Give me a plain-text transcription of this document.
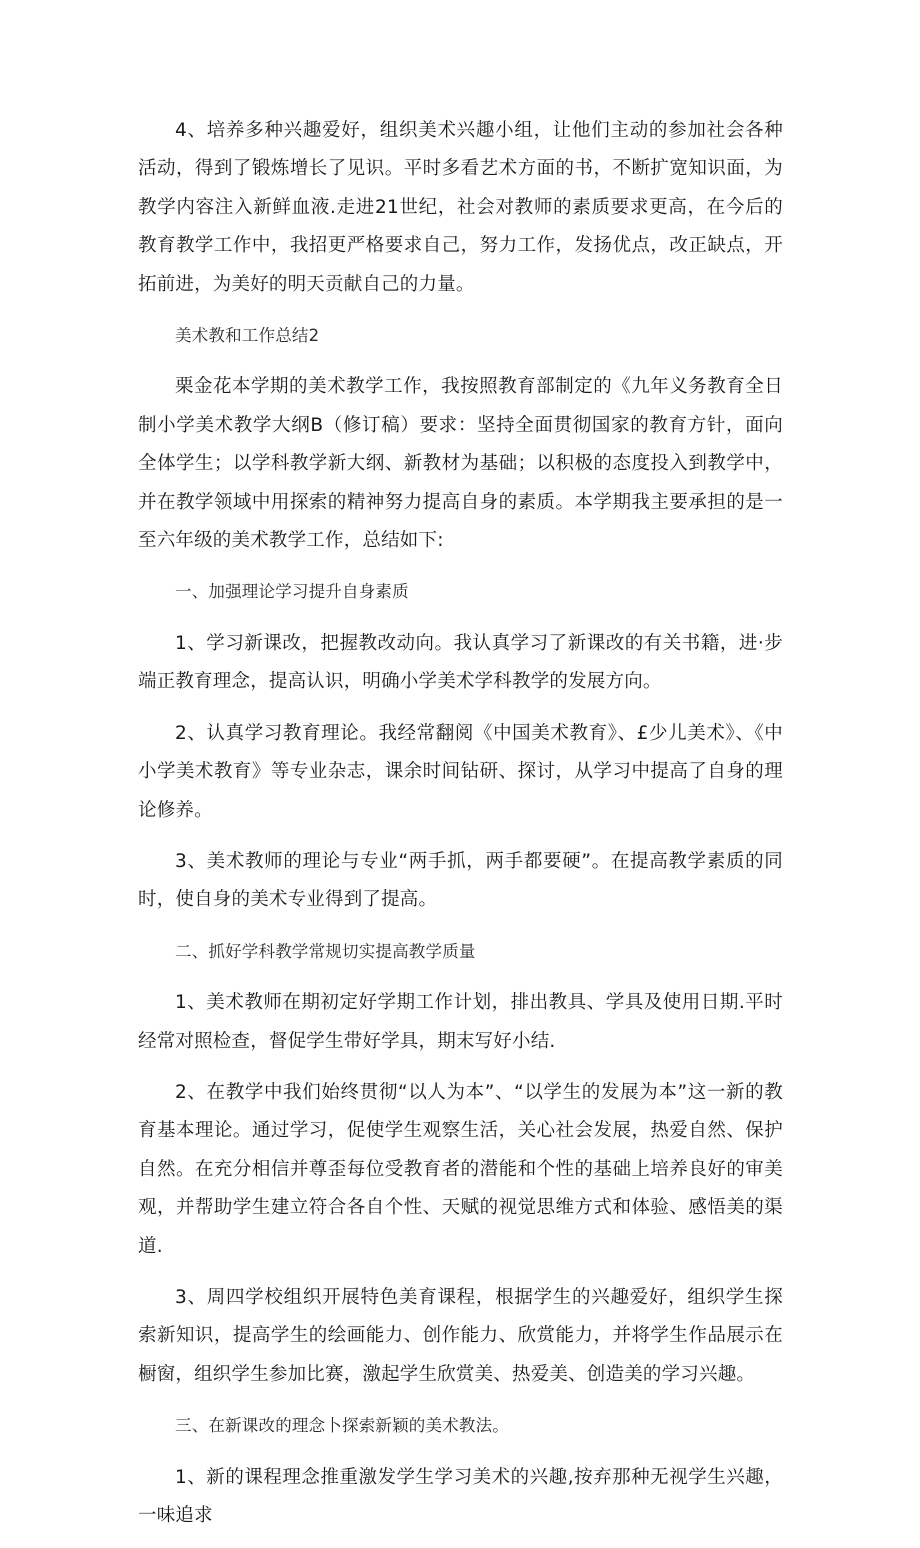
4、培养多种兴趣爱好，组织美术兴趣小组，让他们主动的参加社会各种活动，得到了锻炼增长了见识。平时多看艺术方面的书，不断扩宽知识面，为教学内容注入新鲜血液.走进21世纪，社会对教师的素质要求更高，在今后的教育教学工作中，我招更严格要求自己，努力工作，发扬优点，改正缺点，开拓前进，为美好的明天贡献自己的力量。

美术教和工作总结2

栗金花本学期的美术教学工作，我按照教育部制定的《九年义务教育全日制小学美术教学大纲B（修订稿）要求：坚持全面贯彻国家的教育方针，面向全体学生；以学科教学新大纲、新教材为基础；以积极的态度投入到教学中，并在教学领域中用探索的精神努力提高自身的素质。本学期我主要承担的是一至六年级的美术教学工作，总结如下:

一、加强理论学习提升自身素质

1、学习新课改，把握教改动向。我认真学习了新课改的有关书籍，进·步端正教育理念，提高认识，明确小学美术学科教学的发展方向。

2、认真学习教育理论。我经常翻阅《中国美术教育》、£少儿美术》、《中小学美术教育》等专业杂志，课余时间钻研、探讨，从学习中提高了自身的理论修养。

3、美术教师的理论与专业“两手抓，两手都要硬”。在提高教学素质的同时，使自身的美术专业得到了提高。

二、抓好学科教学常规切实提高教学质量

1、美术教师在期初定好学期工作计划，排出教具、学具及使用日期.平时经常对照检查，督促学生带好学具，期末写好小结.

2、在教学中我们始终贯彻“以人为本”、“以学生的发展为本”这一新的教育基本理论。通过学习，促使学生观察生活，关心社会发展，热爱自然、保护自然。在充分相信并尊歪每位受教育者的潜能和个性的基础上培养良好的审美观，并帮助学生建立符合各自个性、天赋的视觉思维方式和体验、感悟美的渠道.

3、周四学校组织开展特色美育课程，根据学生的兴趣爱好，组织学生探索新知识，提高学生的绘画能力、创作能力、欣赏能力，并将学生作品展示在橱窗，组织学生参加比赛，激起学生欣赏美、热爱美、创造美的学习兴趣。

三、在新课改的理念卜探索新颖的美术教法。

1、新的课程理念推重激发学生学习美术的兴趣,按弃那种无视学生兴趣，一味追求
